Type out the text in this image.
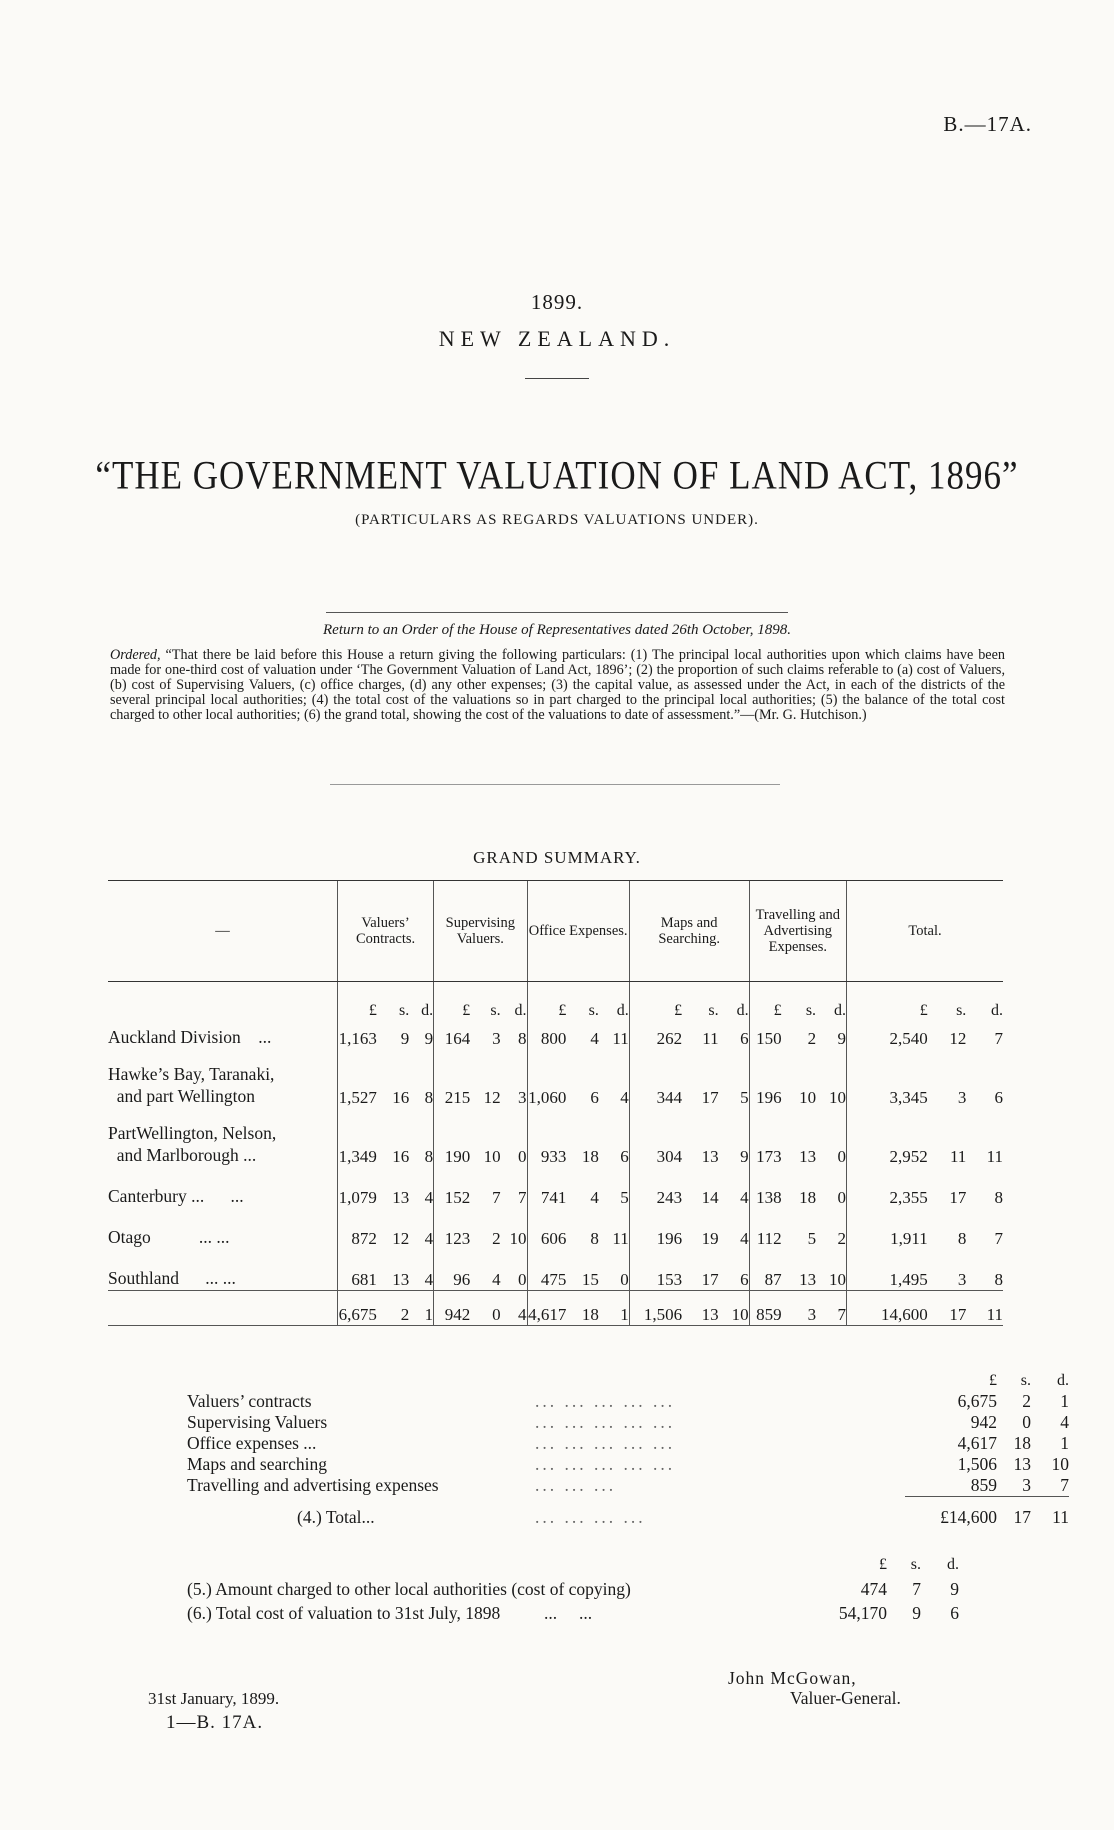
B.—17A.
1899.
NEW ZEALAND.
“THE GOVERNMENT VALUATION OF LAND ACT, 1896”
(PARTICULARS AS REGARDS VALUATIONS UNDER).
Return to an Order of the House of Representatives dated 26th October, 1898.
Ordered, “That there be laid before this House a return giving the following particulars: (1) The principal local authorities upon which claims have been made for one-third cost of valuation under ‘The Government Valuation of Land Act, 1896’; (2) the proportion of such claims referable to (a) cost of Valuers, (b) cost of Supervising Valuers, (c) office charges, (d) any other expenses; (3) the capital value, as assessed under the Act, in each of the districts of the several principal local authorities; (4) the total cost of the valuations so in part charged to the principal local authorities; (5) the balance of the total cost charged to other local authorities; (6) the grand total, showing the cost of the valuations to date of assessment.”—(Mr. G. Hutchison.)
GRAND SUMMARY.
—	Valuers’ Contracts.			Supervising Valuers.			Office Expenses.			Maps and Searching.			Travelling and Advertising Expenses.			Total.		
	£	s.	d.	£	s.	d.	£	s.	d.	£	s.	d.	£	s.	d.	£	s.	d.
Auckland Division ...	1,163	9	9	164	3	8	800	4	11	262	11	6	150	2	9	2,540	12	7
Hawke’s Bay, Taranaki,
and part Wellington	1,527	16	8	215	12	3	1,060	6	4	344	17	5	196	10	10	3,345	3	6
PartWellington, Nelson,
and Marlborough ...	1,349	16	8	190	10	0	933	18	6	304	13	9	173	13	0	2,952	11	11
Canterbury ... ...	1,079	13	4	152	7	7	741	4	5	243	14	4	138	18	0	2,355	17	8
Otago ... ...	872	12	4	123	2	10	606	8	11	196	19	4	112	5	2	1,911	8	7
Southland ... ...	681	13	4	96	4	0	475	15	0	153	17	6	87	13	10	1,495	3	8
	6,675	2	1	942	0	4	4,617	18	1	1,506	13	10	859	3	7	14,600	17	11
		£	s.	d.
Valuers’ contracts	... ... ... ... ...	6,675	2	1
Supervising Valuers	... ... ... ... ...	942	0	4
Office expenses ...	... ... ... ... ...	4,617	18	1
Maps and searching	... ... ... ... ...	1,506	13	10
Travelling and advertising expenses	... ... ...	859	3	7
(4.) Total...	... ... ... ...	£14,600	17	11
	£	s.	d.
(5.) Amount charged to other local authorities (cost of copying)	474	7	9
(6.) Total cost of valuation to 31st July, 1898          ...     ...	54,170	9	6
John McGowan,
Valuer-General.
31st January, 1899.
1—B. 17A.
